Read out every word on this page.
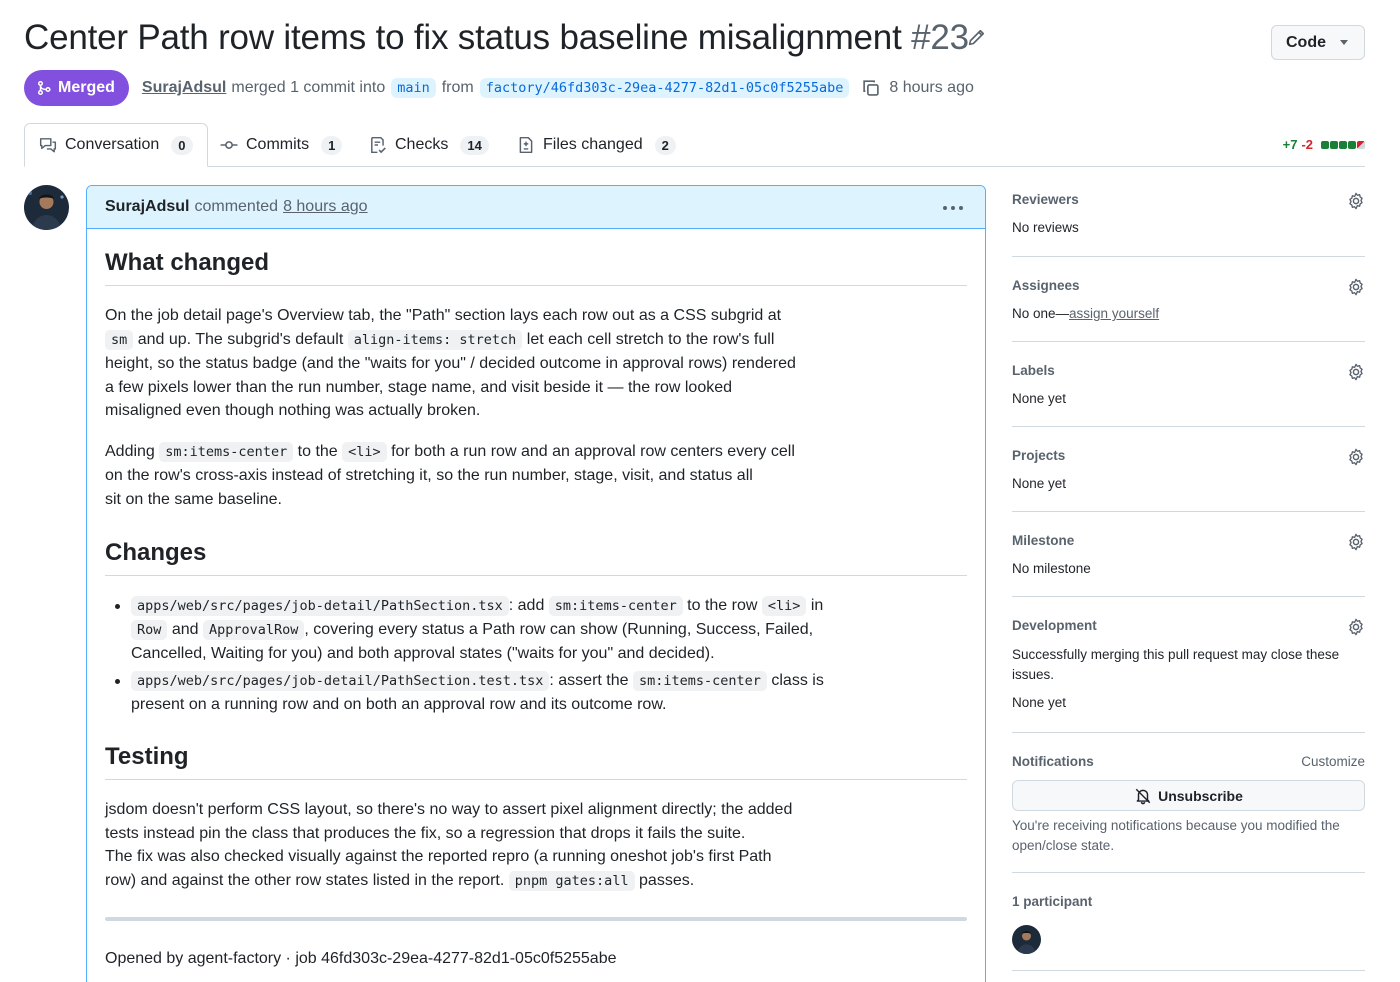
Center Path row items to fix status baseline misalignment #23	Code
Merged SurajAdsul merged 1 commit into main from factory/46fd303c-29ea-4277-82d1-05c0f5255abe	8 hours ago
Conversation	0	Commits	1	Checks	14	Files changed	2	+7 -2
SurajAdsul commented 8 hours ago
What changed
On the job detail page's Overview tab, the "Path" section lays each row out as a CSS subgrid at
sm and up. The subgrid's default align-items: stretch let each cell stretch to the row's full
height, so the status badge (and the "waits for you" / decided outcome in approval rows) rendered
a few pixels lower than the run number, stage name, and visit beside it — the row looked
misaligned even though nothing was actually broken.
Adding sm:items-center to the <li> for both a run row and an approval row centers every cell
on the row's cross-axis instead of stretching it, so the run number, stage, visit, and status all
sit on the same baseline.
Changes
apps/web/src/pages/job-detail/PathSection.tsx : add sm:items-center to the row <li> in
Row and ApprovalRow , covering every status a Path row can show (Running, Success, Failed,
Cancelled, Waiting for you) and both approval states ("waits for you" and decided).
apps/web/src/pages/job-detail/PathSection.test.tsx : assert the sm:items-center class is
present on a running row and on both an approval row and its outcome row.
Testing
jsdom doesn't perform CSS layout, so there's no way to assert pixel alignment directly; the added
tests instead pin the class that produces the fix, so a regression that drops it fails the suite.
The fix was also checked visually against the reported repro (a running oneshot job's first Path
row) and against the other row states listed in the report. pnpm gates:all passes.
Opened by agent-factory · job 46fd303c-29ea-4277-82d1-05c0f5255abe
Reviewers
No reviews
Assignees
No one—assign yourself
Labels
None yet
Projects
None yet
Milestone
No milestone
Development
Successfully merging this pull request may close these issues.
None yet
Notifications	Customize
Unsubscribe
You're receiving notifications because you modified the open/close state.
1 participant
